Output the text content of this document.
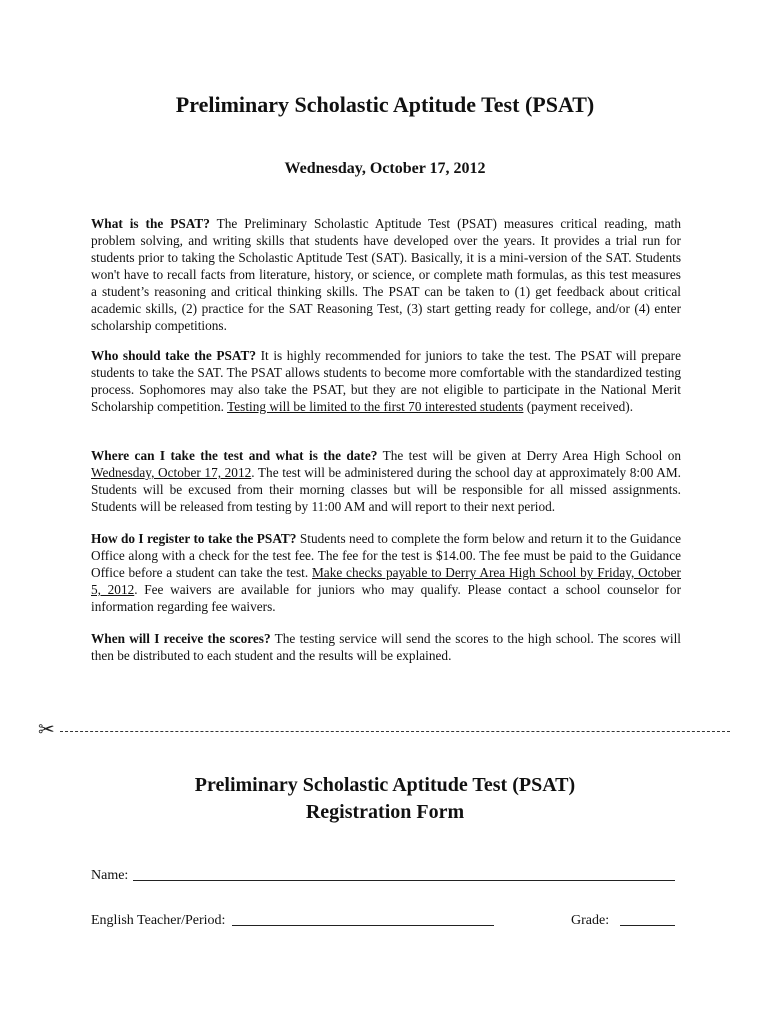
Preliminary Scholastic Aptitude Test (PSAT)
Wednesday, October 17, 2012

What is the PSAT? The Preliminary Scholastic Aptitude Test (PSAT) measures critical reading, math problem solving, and writing skills that students have developed over the years. It provides a trial run for students prior to taking the Scholastic Aptitude Test (SAT). Basically, it is a mini-version of the SAT. Students won't have to recall facts from literature, history, or science, or complete math formulas, as this test measures a student’s reasoning and critical thinking skills. The PSAT can be taken to (1) get feedback about critical academic skills, (2) practice for the SAT Reasoning Test, (3) start getting ready for college, and/or (4) enter scholarship competitions.

Who should take the PSAT? It is highly recommended for juniors to take the test. The PSAT will prepare students to take the SAT. The PSAT allows students to become more comfortable with the standardized testing process. Sophomores may also take the PSAT, but they are not eligible to participate in the National Merit Scholarship competition. Testing will be limited to the first 70 interested students (payment received).

Where can I take the test and what is the date? The test will be given at Derry Area High School on Wednesday, October 17, 2012. The test will be administered during the school day at approximately 8:00 AM. Students will be excused from their morning classes but will be responsible for all missed assignments. Students will be released from testing by 11:00 AM and will report to their next period.

How do I register to take the PSAT? Students need to complete the form below and return it to the Guidance Office along with a check for the test fee. The fee for the test is $14.00. The fee must be paid to the Guidance Office before a student can take the test. Make checks payable to Derry Area High School by Friday, October 5, 2012. Fee waivers are available for juniors who may qualify. Please contact a school counselor for information regarding fee waivers.

When will I receive the scores? The testing service will send the scores to the high school. The scores will then be distributed to each student and the results will be explained.

✂
Preliminary Scholastic Aptitude Test (PSAT)
Registration Form

Name:

English Teacher/Period:	Grade:
